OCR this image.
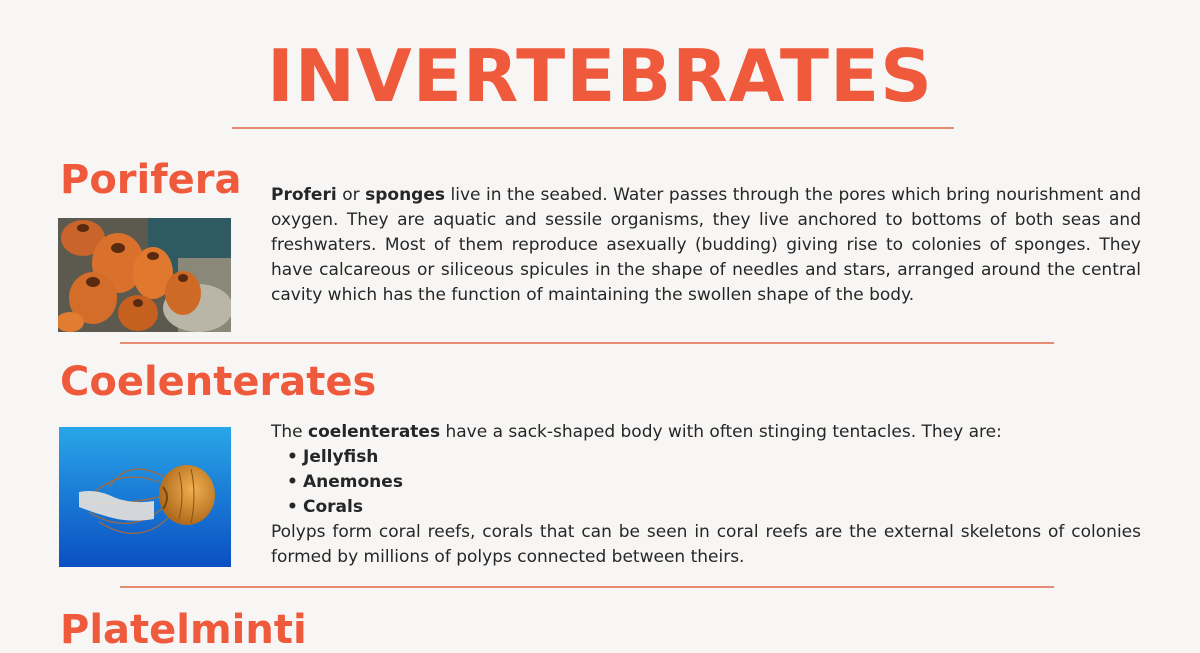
INVERTEBRATES
Porifera Proferi or sponges live in the seabed. Water passes through the pores which bring nourishment and oxygen. They are aquatic and sessile organisms, they live anchored to bottoms of both seas and freshwaters. Most of them reproduce asexually (budding) giving rise to colonies of sponges. They have calcareous or siliceous spicules in the shape of needles and stars, arranged around the central cavity which has the function of maintaining the swollen shape of the body.
Coelenterates
The coelenterates have a sack-shaped body with often stinging tentacles. They are:
• Jellyfish
• Anemones
• Corals
Polyps form coral reefs, corals that can be seen in coral reefs are the external skeletons of colonies formed by millions of polyps connected between theirs.
Platelminti
